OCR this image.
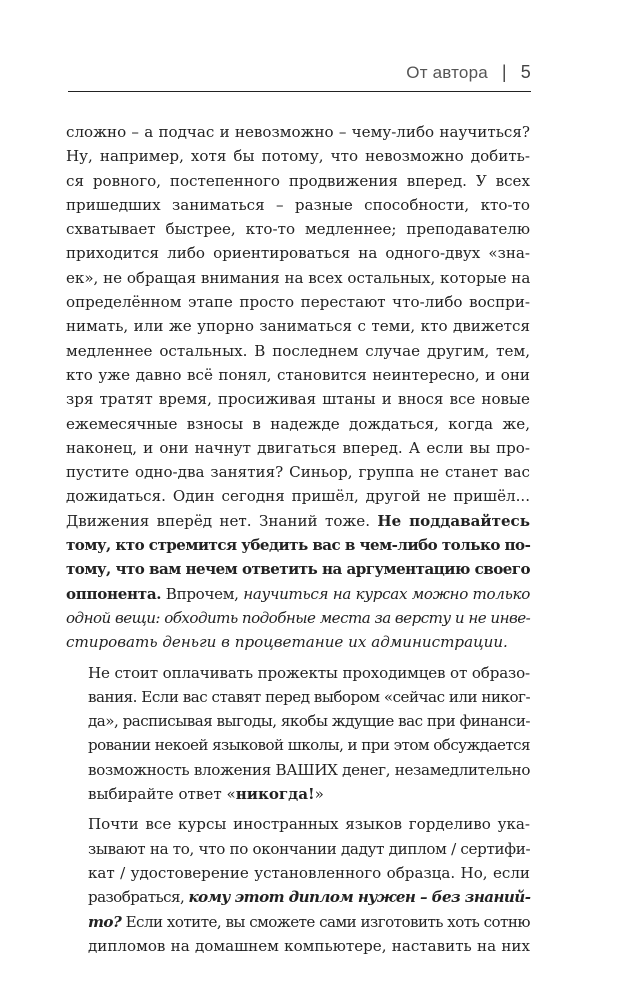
От автора | 5

сложно – а подчас и невозможно – чему-либо научиться?
Ну, например, хотя бы потому, что невозможно добить-
ся ровного, постепенного продвижения вперед. У всех
пришедших заниматься – разные способности, кто-то
схватывает быстрее, кто-то медленнее; преподавателю
приходится либо ориентироваться на одного-двух «зна-
ек», не обращая внимания на всех остальных, которые на
определённом этапе просто перестают что-либо воспри-
нимать, или же упорно заниматься с теми, кто движется
медленнее остальных. В последнем случае другим, тем,
кто уже давно всё понял, становится неинтересно, и они
зря тратят время, просиживая штаны и внося все новые
ежемесячные взносы в надежде дождаться, когда же,
наконец, и они начнут двигаться вперед. А если вы про-
пустите одно-два занятия? Синьор, группа не станет вас
дожидаться. Один сегодня пришёл, другой не пришёл...
Движения вперёд нет. Знаний тоже. Не поддавайтесь
тому, кто стремится убедить вас в чем-либо только по-
тому, что вам нечем ответить на аргументацию своего
оппонента. Впрочем, научиться на курсах можно только
одной вещи: обходить подобные места за версту и не инве-
стировать деньги в процветание их администрации.

Не стоит оплачивать прожекты проходимцев от образо-
вания. Если вас ставят перед выбором «сейчас или никог-
да», расписывая выгоды, якобы ждущие вас при финанси-
ровании некоей языковой школы, и при этом обсуждается
возможность вложения ВАШИХ денег, незамедлительно
выбирайте ответ «никогда!»

Почти все курсы иностранных языков горделиво ука-
зывают на то, что по окончании дадут диплом / сертифи-
кат / удостоверение установленного образца. Но, если
разобраться, кому этот диплом нужен – без знаний-
то? Если хотите, вы сможете сами изготовить хоть сотню
дипломов на домашнем компьютере, наставить на них
